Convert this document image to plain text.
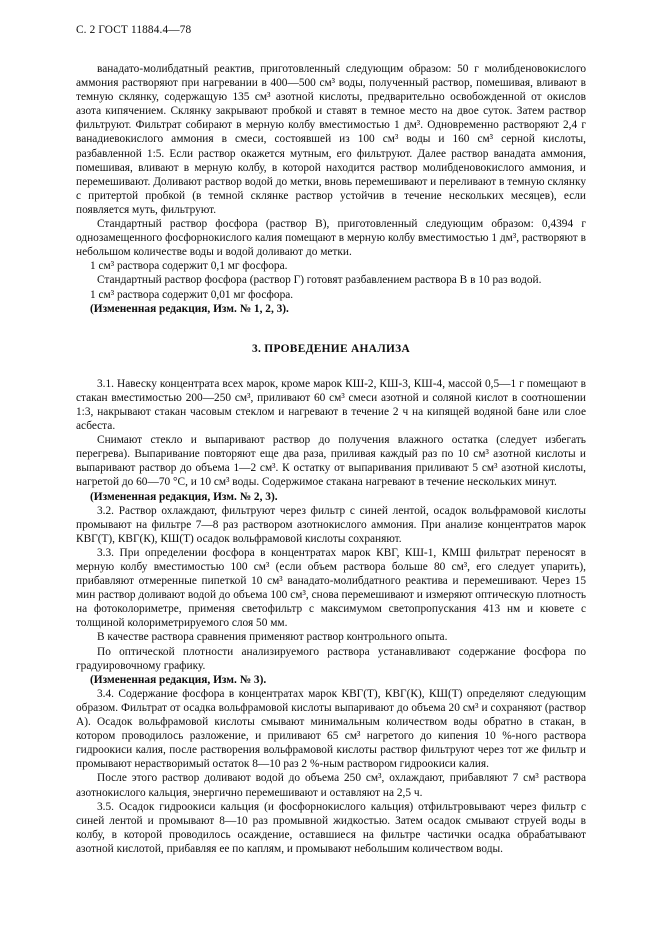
С. 2 ГОСТ 11884.4—78

ванадато-молибдатный реактив, приготовленный следующим образом: 50 г молибденовокислого аммония растворяют при нагревании в 400—500 см³ воды, полученный раствор, помешивая, вливают в темную склянку, содержащую 135 см³ азотной кислоты, предварительно освобожденной от окислов азота кипячением. Склянку закрывают пробкой и ставят в темное место на двое суток. Затем раствор фильтруют. Фильтрат собирают в мерную колбу вместимостью 1 дм³. Одновременно растворяют 2,4 г ванадиевокислого аммония в смеси, состоявшей из 100 см³ воды и 160 см³ серной кислоты, разбавленной 1:5. Если раствор окажется мутным, его фильтруют. Далее раствор ванадата аммония, помешивая, вливают в мерную колбу, в которой находится раствор молибденовокислого аммония, и перемешивают. Доливают раствор водой до метки, вновь перемешивают и переливают в темную склянку с притертой пробкой (в темной склянке раствор устойчив в течение нескольких месяцев), если появляется муть, фильтруют.

Стандартный раствор фосфора (раствор В), приготовленный следующим образом: 0,4394 г однозамещенного фосфорнокислого калия помещают в мерную колбу вместимостью 1 дм³, растворяют в небольшом количестве воды и водой доливают до метки.

1 см³ раствора содержит 0,1 мг фосфора.

Стандартный раствор фосфора (раствор Г) готовят разбавлением раствора В в 10 раз водой.

1 см³ раствора содержит 0,01 мг фосфора.

(Измененная редакция, Изм. № 1, 2, 3).

3. ПРОВЕДЕНИЕ АНАЛИЗА

3.1. Навеску концентрата всех марок, кроме марок КШ-2, КШ-3, КШ-4, массой 0,5—1 г помещают в стакан вместимостью 200—250 см³, приливают 60 см³ смеси азотной и соляной кислот в соотношении 1:3, накрывают стакан часовым стеклом и нагревают в течение 2 ч на кипящей водяной бане или слое асбеста.

Снимают стекло и выпаривают раствор до получения влажного остатка (следует избегать перегрева). Выпаривание повторяют еще два раза, приливая каждый раз по 10 см³ азотной кислоты и выпаривают раствор до объема 1—2 см³. К остатку от выпаривания приливают 5 см³ азотной кислоты, нагретой до 60—70 °С, и 10 см³ воды. Содержимое стакана нагревают в течение нескольких минут.

(Измененная редакция, Изм. № 2, 3).

3.2. Раствор охлаждают, фильтруют через фильтр с синей лентой, осадок вольфрамовой кислоты промывают на фильтре 7—8 раз раствором азотнокислого аммония. При анализе концентратов марок КВГ(Т), КВГ(К), КШ(Т) осадок вольфрамовой кислоты сохраняют.

3.3. При определении фосфора в концентратах марок КВГ, КШ-1, КМШ фильтрат переносят в мерную колбу вместимостью 100 см³ (если объем раствора больше 80 см³, его следует упарить), прибавляют отмеренные пипеткой 10 см³ ванадато-молибдатного реактива и перемешивают. Через 15 мин раствор доливают водой до объема 100 см³, снова перемешивают и измеряют оптическую плотность на фотоколориметре, применяя светофильтр с максимумом светопропускания 413 нм и кювете с толщиной колориметрируемого слоя 50 мм.

В качестве раствора сравнения применяют раствор контрольного опыта.

По оптической плотности анализируемого раствора устанавливают содержание фосфора по градуировочному графику.

(Измененная редакция, Изм. № 3).

3.4. Содержание фосфора в концентратах марок КВГ(Т), КВГ(К), КШ(Т) определяют следующим образом. Фильтрат от осадка вольфрамовой кислоты выпаривают до объема 20 см³ и сохраняют (раствор А). Осадок вольфрамовой кислоты смывают минимальным количеством воды обратно в стакан, в котором проводилось разложение, и приливают 65 см³ нагретого до кипения 10 %-ного раствора гидроокиси калия, после растворения вольфрамовой кислоты раствор фильтруют через тот же фильтр и промывают нерастворимый остаток 8—10 раз 2 %-ным раствором гидроокиси калия.

После этого раствор доливают водой до объема 250 см³, охлаждают, прибавляют 7 см³ раствора азотнокислого кальция, энергично перемешивают и оставляют на 2,5 ч.

3.5. Осадок гидроокиси кальция (и фосфорнокислого кальция) отфильтровывают через фильтр с синей лентой и промывают 8—10 раз промывной жидкостью. Затем осадок смывают струей воды в колбу, в которой проводилось осаждение, оставшиеся на фильтре частички осадка обрабатывают азотной кислотой, прибавляя ее по каплям, и промывают небольшим количеством воды.
